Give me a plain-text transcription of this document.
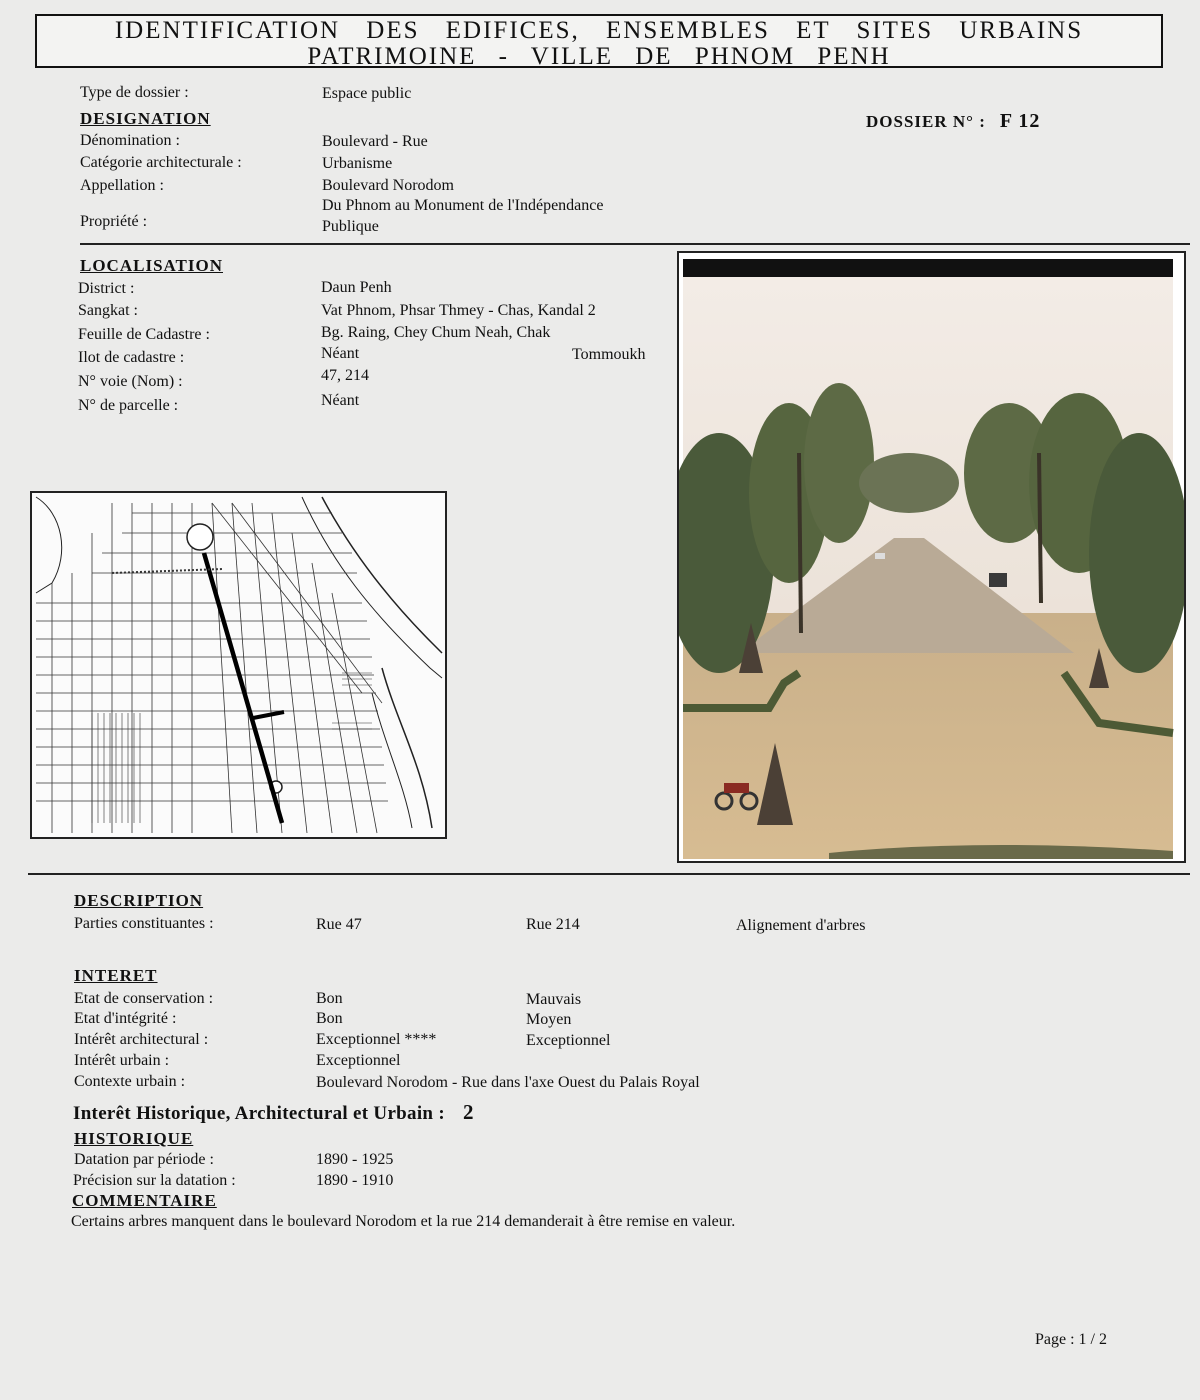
IDENTIFICATION DES EDIFICES, ENSEMBLES ET SITES URBAINS
PATRIMOINE - VILLE DE PHNOM PENH
Type de dossier :	Espace public
DESIGNATION	DOSSIER N° : F 12
Dénomination :	Boulevard - Rue
Catégorie architecturale :	Urbanisme
Appellation :	Boulevard Norodom
Du Phnom au Monument de l'Indépendance
Propriété :	Publique
LOCALISATION
District :	Daun Penh
Sangkat :	Vat Phnom, Phsar Thmey - Chas, Kandal 2
Feuille de Cadastre :	Bg. Raing, Chey Chum Neah, Chak
Ilot de cadastre :	Néant	Tommoukh
N° voie (Nom) :	47, 214
N° de parcelle :	Néant
DESCRIPTION
Parties constituantes :	Rue 47	Rue 214	Alignement d'arbres
INTERET
Etat de conservation :	Bon	Mauvais
Etat d'intégrité :	Bon	Moyen
Intérêt architectural :	Exceptionnel ****	Exceptionnel
Intérêt urbain :	Exceptionnel
Contexte urbain :	Boulevard Norodom - Rue dans l'axe Ouest du Palais Royal
Interêt Historique, Architectural et Urbain : 2
HISTORIQUE
Datation par période :	1890 - 1925
Précision sur la datation :	1890 - 1910
COMMENTAIRE
Certains arbres manquent dans le boulevard Norodom et la rue 214 demanderait à être remise en valeur.
Page : 1 / 2
